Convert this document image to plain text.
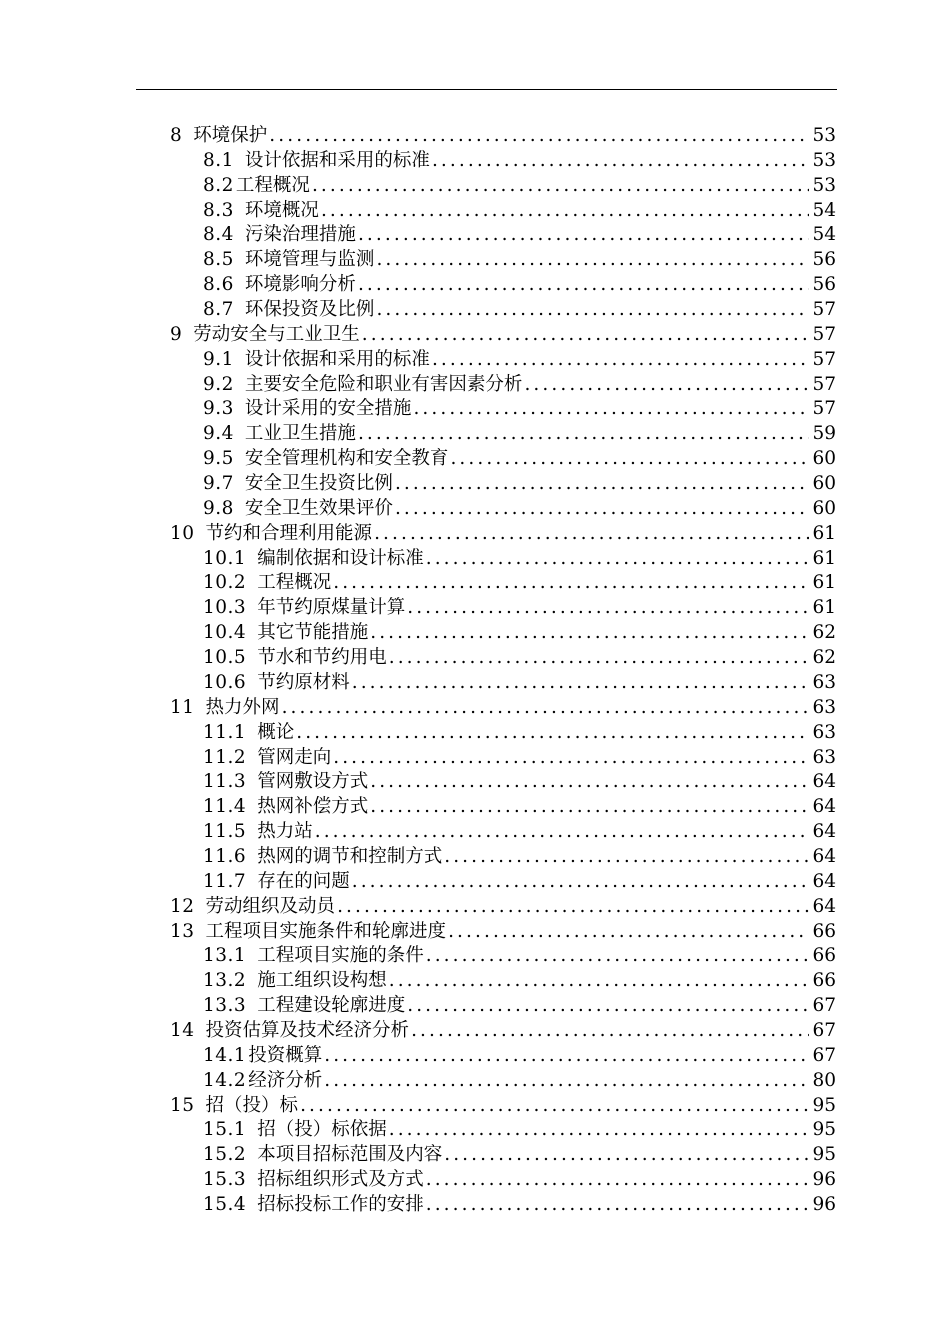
8 环境保护 .....	53
8.1 设计依据和采用的标准 .....	53
8.2 工程概况 .....	53
8.3 环境概况 .....	54
8.4 污染治理措施 .....	54
8.5 环境管理与监测 .....	56
8.6 环境影响分析 .....	56
8.7 环保投资及比例 .....	57
9 劳动安全与工业卫生 .....	57
9.1 设计依据和采用的标准 .....	57
9.2 主要安全危险和职业有害因素分析 .....	57
9.3 设计采用的安全措施 .....	57
9.4 工业卫生措施 .....	59
9.5 安全管理机构和安全教育 .....	60
9.7 安全卫生投资比例 .....	60
9.8 安全卫生效果评价 .....	60
10 节约和合理利用能源 .....	61
10.1 编制依据和设计标准 .....	61
10.2 工程概况 .....	61
10.3 年节约原煤量计算 .....	61
10.4 其它节能措施 .....	62
10.5 节水和节约用电 .....	62
10.6 节约原材料 .....	63
11 热力外网 .....	63
11.1 概论 .....	63
11.2 管网走向 .....	63
11.3 管网敷设方式 .....	64
11.4 热网补偿方式 .....	64
11.5 热力站 .....	64
11.6 热网的调节和控制方式 .....	64
11.7 存在的问题 .....	64
12 劳动组织及动员 .....	64
13 工程项目实施条件和轮廓进度 .....	66
13.1 工程项目实施的条件 .....	66
13.2 施工组织设构想 .....	66
13.3 工程建设轮廓进度 .....	67
14 投资估算及技术经济分析 .....	67
14.1 投资概算 .....	67
14.2 经济分析 .....	80
15 招（投）标 .....	95
15.1 招（投）标依据 .....	95
15.2 本项目招标范围及内容 .....	95
15.3 招标组织形式及方式 .....	96
15.4 招标投标工作的安排 .....	96
